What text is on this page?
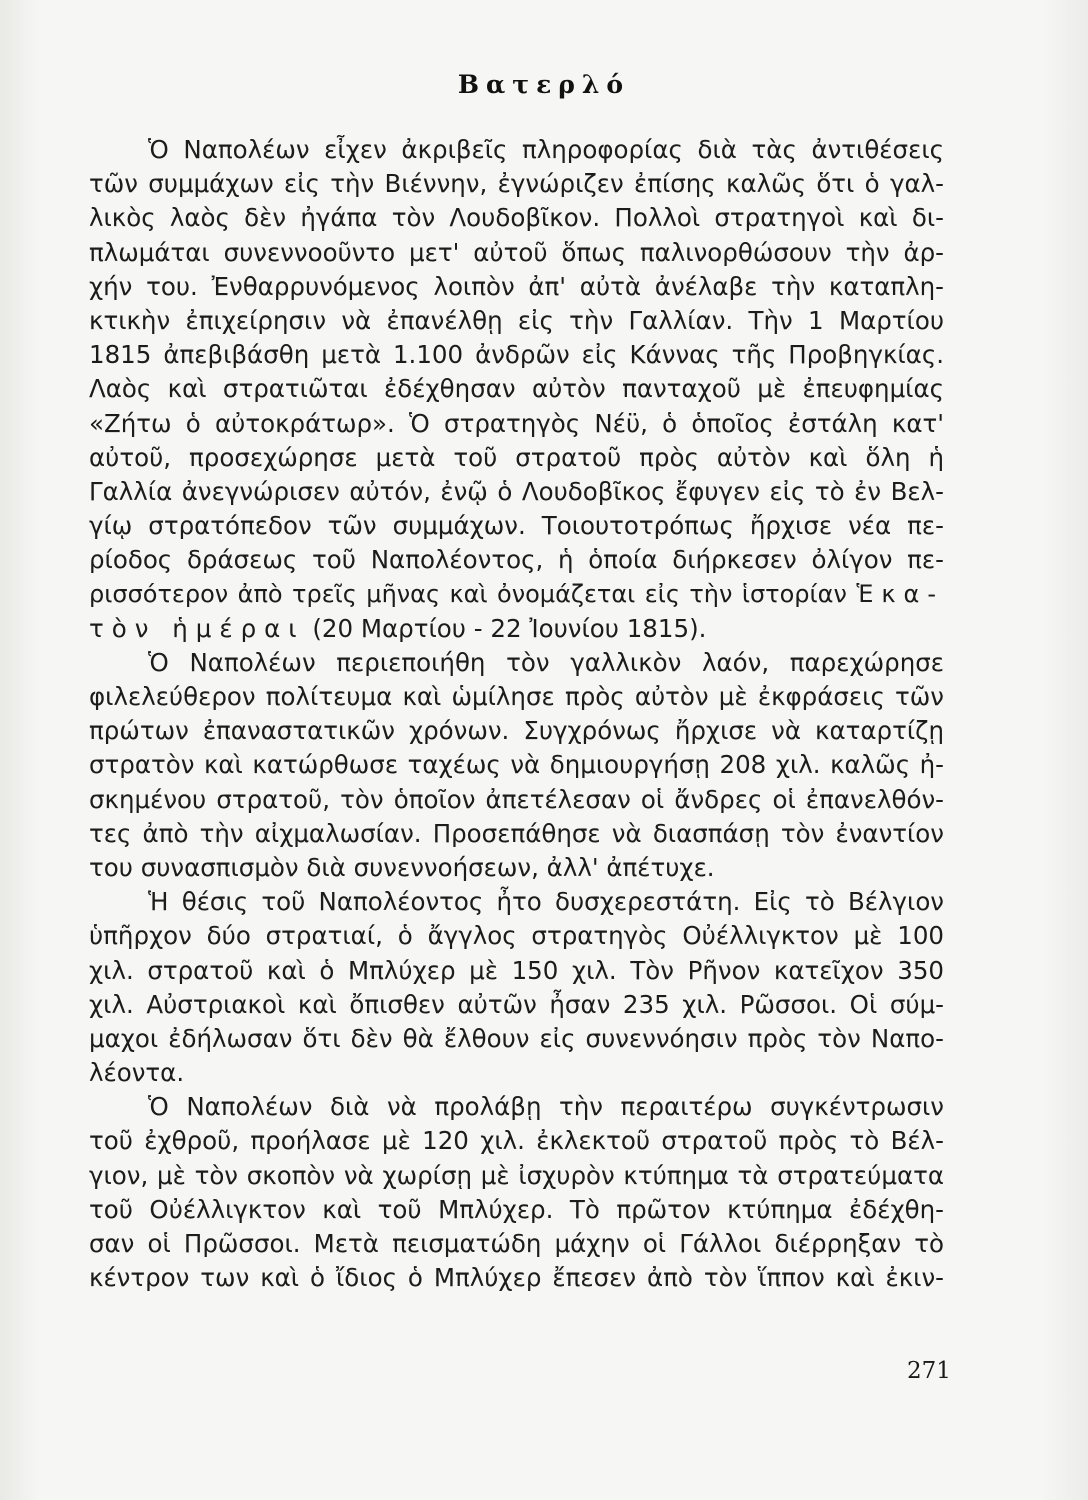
Βατερλό
Ὁ Ναπολέων εἶχεν ἀκριβεῖς πληροφορίας διὰ τὰς ἀντιθέσεις
τῶν συμμάχων εἰς τὴν Βιέννην, ἐγνώριζεν ἐπίσης καλῶς ὅτι ὁ γαλ-
λικὸς λαὸς δὲν ἠγάπα τὸν Λουδοβῖκον. Πολλοὶ στρατηγοὶ καὶ δι-
πλωμάται συνεννοοῦντο μετ' αὐτοῦ ὅπως παλινορθώσουν τὴν ἀρ-
χήν του. Ἐνθαρρυνόμενος λοιπὸν ἀπ' αὐτὰ ἀνέλαβε τὴν καταπλη-
κτικὴν ἐπιχείρησιν νὰ ἐπανέλθῃ εἰς τὴν Γαλλίαν. Τὴν 1 Μαρτίου
1815 ἀπεβιβάσθη μετὰ 1.100 ἀνδρῶν εἰς Κάννας τῆς Προβηγκίας.
Λαὸς καὶ στρατιῶται ἐδέχθησαν αὐτὸν πανταχοῦ μὲ ἐπευφημίας
«Ζήτω ὁ αὐτοκράτωρ». Ὁ στρατηγὸς Νέϋ, ὁ ὁποῖος ἐστάλη κατ'
αὐτοῦ, προσεχώρησε μετὰ τοῦ στρατοῦ πρὸς αὐτὸν καὶ ὅλη ἡ
Γαλλία ἀνεγνώρισεν αὐτόν, ἐνῷ ὁ Λουδοβῖκος ἔφυγεν εἰς τὸ ἐν Βελ-
γίῳ στρατόπεδον τῶν συμμάχων. Τοιουτοτρόπως ἤρχισε νέα πε-
ρίοδος δράσεως τοῦ Ναπολέοντος, ἡ ὁποία διήρκεσεν ὀλίγον πε-
ρισσότερον ἀπὸ τρεῖς μῆνας καὶ ὀνομάζεται εἰς τὴν ἱστορίαν Ἑκα-
τὸν ἡμέραι (20 Μαρτίου - 22 Ἰουνίου 1815).
Ὁ Ναπολέων περιεποιήθη τὸν γαλλικὸν λαόν, παρεχώρησε
φιλελεύθερον πολίτευμα καὶ ὡμίλησε πρὸς αὐτὸν μὲ ἐκφράσεις τῶν
πρώτων ἐπαναστατικῶν χρόνων. Συγχρόνως ἤρχισε νὰ καταρτίζῃ
στρατὸν καὶ κατώρθωσε ταχέως νὰ δημιουργήσῃ 208 χιλ. καλῶς ἠ-
σκημένου στρατοῦ, τὸν ὁποῖον ἀπετέλεσαν οἱ ἄνδρες οἱ ἐπανελθόν-
τες ἀπὸ τὴν αἰχμαλωσίαν. Προσεπάθησε νὰ διασπάσῃ τὸν ἐναντίον
του συνασπισμὸν διὰ συνεννοήσεων, ἀλλ' ἀπέτυχε.
Ἡ θέσις τοῦ Ναπολέοντος ἦτο δυσχερεστάτη. Εἰς τὸ Βέλγιον
ὑπῆρχον δύο στρατιαί, ὁ ἄγγλος στρατηγὸς Οὐέλλιγκτον μὲ 100
χιλ. στρατοῦ καὶ ὁ Μπλύχερ μὲ 150 χιλ. Τὸν Ρῆνον κατεῖχον 350
χιλ. Αὐστριακοὶ καὶ ὄπισθεν αὐτῶν ἦσαν 235 χιλ. Ρῶσσοι. Οἱ σύμ-
μαχοι ἐδήλωσαν ὅτι δὲν θὰ ἔλθουν εἰς συνεννόησιν πρὸς τὸν Ναπο-
λέοντα.
Ὁ Ναπολέων διὰ νὰ προλάβῃ τὴν περαιτέρω συγκέντρωσιν
τοῦ ἐχθροῦ, προήλασε μὲ 120 χιλ. ἐκλεκτοῦ στρατοῦ πρὸς τὸ Βέλ-
γιον, μὲ τὸν σκοπὸν νὰ χωρίσῃ μὲ ἰσχυρὸν κτύπημα τὰ στρατεύματα
τοῦ Οὐέλλιγκτον καὶ τοῦ Μπλύχερ. Τὸ πρῶτον κτύπημα ἐδέχθη-
σαν οἱ Πρῶσσοι. Μετὰ πεισματώδη μάχην οἱ Γάλλοι διέρρηξαν τὸ
κέντρον των καὶ ὁ ἴδιος ὁ Μπλύχερ ἔπεσεν ἀπὸ τὸν ἵππον καὶ ἐκιν-
271
